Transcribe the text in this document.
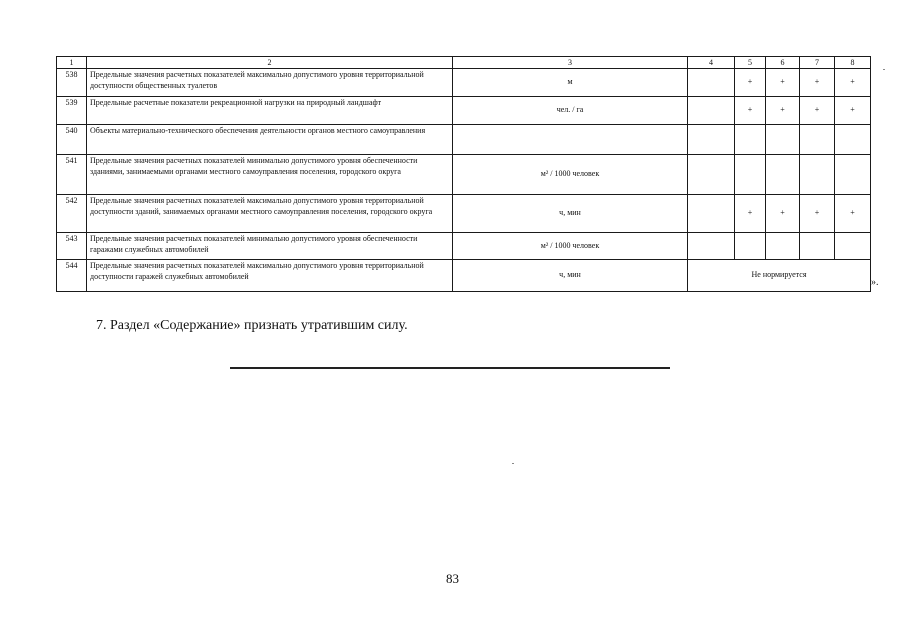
1	2	3	4	5	6	7	8
538	Предельные значения расчетных показателей максимально допустимого уровня территориальной доступности общественных туалетов	м		+	+	+	+
539	Предельные расчетные показатели рекреационной нагрузки на природный ландшафт	чел. / га		+	+	+	+
540	Объекты материально-технического обеспечения деятельности органов местного самоуправления						
541	Предельные значения расчетных показателей минимально допустимого уровня обеспеченности зданиями, занимаемыми органами местного самоуправления поселения, городского округа	м² / 1000 человек					
542	Предельные значения расчетных показателей максимально допустимого уровня территориальной доступности зданий, занимаемых органами местного самоуправления поселения, городского округа	ч, мин		+	+	+	+
543	Предельные значения расчетных показателей минимально допустимого уровня обеспеченности гаражами служебных автомобилей	м² / 1000 человек					
544	Предельные значения расчетных показателей максимально допустимого уровня территориальной доступности гаражей служебных автомобилей	ч, мин	Не нормируется				
».
7. Раздел «Содержание» признать утратившим силу.
83
